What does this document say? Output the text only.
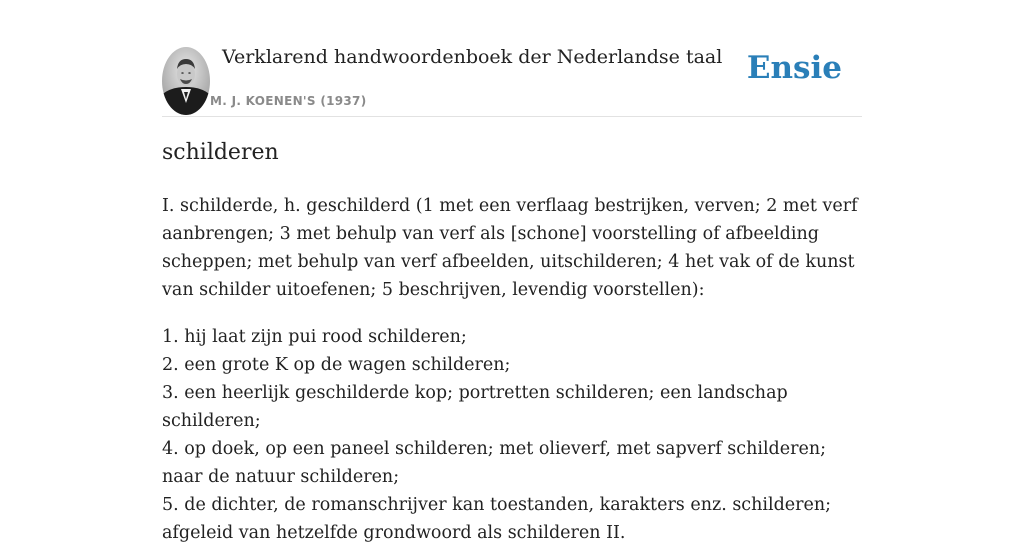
Verklarend handwoordenboek der Nederlandse taal
M. J. KOENEN'S (1937)
Ensie
schilderen

I. schilderde, h. geschilderd (1 met een verflaag bestrijken, verven; 2 met verf aanbrengen; 3 met behulp van verf als [schone] voorstelling of afbeelding scheppen; met behulp van verf afbeelden, uitschilderen; 4 het vak of de kunst van schilder uitoefenen; 5 beschrijven, levendig voorstellen):

1. hij laat zijn pui rood schilderen;
2. een grote K op de wagen schilderen;
3. een heerlijk geschilderde kop; portretten schilderen; een landschap schilderen;
4. op doek, op een paneel schilderen; met olieverf, met sapverf schilderen; naar de natuur schilderen;
5. de dichter, de romanschrijver kan toestanden, karakters enz. schilderen;
afgeleid van hetzelfde grondwoord als schilderen II.
